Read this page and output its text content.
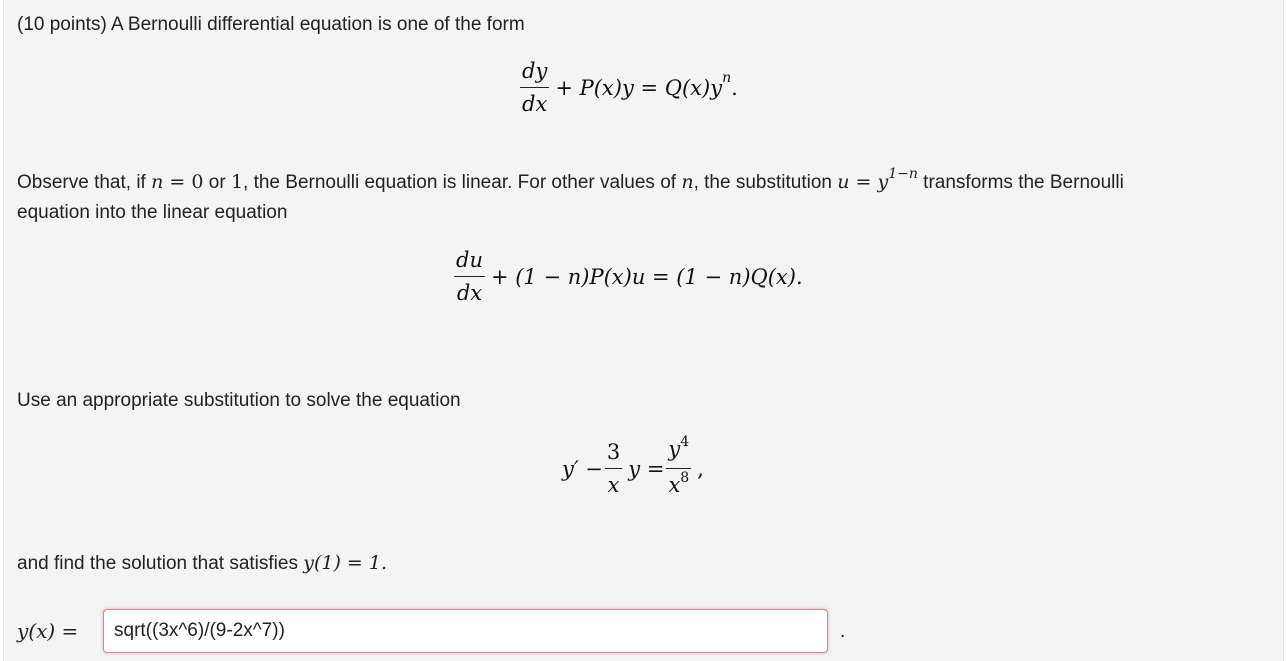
(10 points) A Bernoulli differential equation is one of the form
$\frac{dy}{dx} + P(x)y = Q(x)y$ n .
Observe that, if n = 0 or 1, the Bernoulli equation is linear. For other values of n, the substitution $u = y^{1-n}$ transforms the Bernoulli
equation into the linear equation
$\frac{du}{dx} + (1 - n)P(x)u = (1 - n)Q(x)$.
Use an appropriate substitution to solve the equation
$y' - \frac{3}{x}$ $y = \frac{y^4}{x^8}$ ,
and find the solution that satisfies y(1) = 1.
y(x) =
sqrt((3x^6)/(9-2x^7))	.
